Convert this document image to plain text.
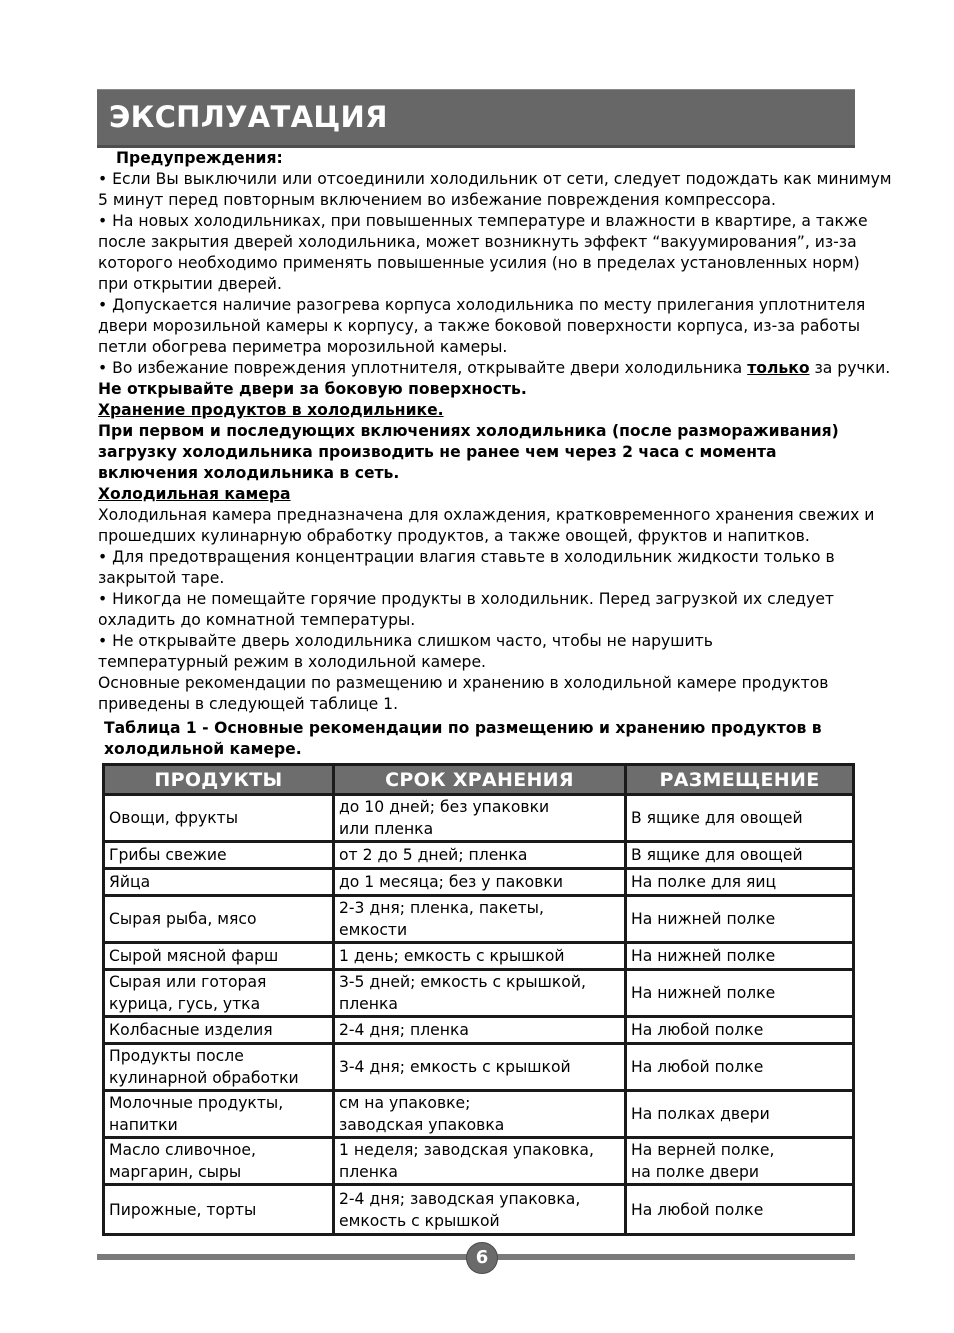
ЭКСПЛУАТАЦИЯ

Предупреждения:

• Если Вы выключили или отсоединили холодильник от сети, следует подождать как минимум

5 минут перед повторным включением во избежание повреждения компрессора.

• На новых холодильниках, при повышенных температуре и влажности в квартире, а также

после закрытия дверей холодильника, может возникнуть эффект “вакуумирования”, из-за

которого необходимо применять повышенные усилия (но в пределах установленных норм)

при открытии дверей.

• Допускается наличие разогрева корпуса холодильника по месту прилегания уплотнителя

двери морозильной камеры к корпусу, а также боковой поверхности корпуса, из-за работы

петли обогрева периметра морозильной камеры.

• Во избежание повреждения уплотнителя, открывайте двери холодильника только за ручки.

Не открывайте двери за боковую поверхность.

Хранение продуктов в холодильнике.

При первом и последующих включениях холодильника (после размораживания)

загрузку холодильника производить не ранее чем через 2 часа с момента

включения холодильника в сеть.

Холодильная камера

Холодильная камера предназначена для охлаждения, кратковременного хранения свежих и

прошедших кулинарную обработку продуктов, а также овощей, фруктов и напитков.

• Для предотвращения концентрации влагия ставьте в холодильник жидкости только в

закрытой таре.

• Никогда не помещайте горячие продукты в холодильник. Перед загрузкой их следует

охладить до комнатной температуры.

• Не открывайте дверь холодильника слишком часто, чтобы не нарушить

температурный режим в холодильной камере.

Основные рекомендации по размещению и хранению в холодильной камере продуктов

приведены в следующей таблице 1.

Таблица 1 - Основные рекомендации по размещению и хранению продуктов в

холодильной камере.

ПРОДУКТЫ	СРОК ХРАНЕНИЯ	РАЗМЕЩЕНИЕ

Овощи, фрукты	до 10 дней; без упаковки
или пленка	В ящике для овощей

Грибы свежие	от 2 до 5 дней; пленка	В ящике для овощей

Яйца	до 1 месяца; без у паковки	На полке для яиц

Сырая рыба, мясо	2-3 дня; пленка, пакеты,
емкости	На нижней полке

Сырой мясной фарш	1 день; емкость с крышкой	На нижней полке

Сырая или готорая
курица, гусь, утка	3-5 дней; емкость с крышкой,
пленка	На нижней полке

Колбасные изделия	2-4 дня; пленка	На любой полке

Продукты после
кулинарной обработки	3-4 дня; емкость с крышкой	На любой полке

Молочные продукты,
напитки	см на упаковке;
заводская упаковка	На полках двери

Масло сливочное,
маргарин, сыры	1 неделя; заводская упаковка,
пленка	На верней полке,
на полке двери

Пирожные, торты	2-4 дня; заводская упаковка,
емкость с крышкой	На любой полке
6
